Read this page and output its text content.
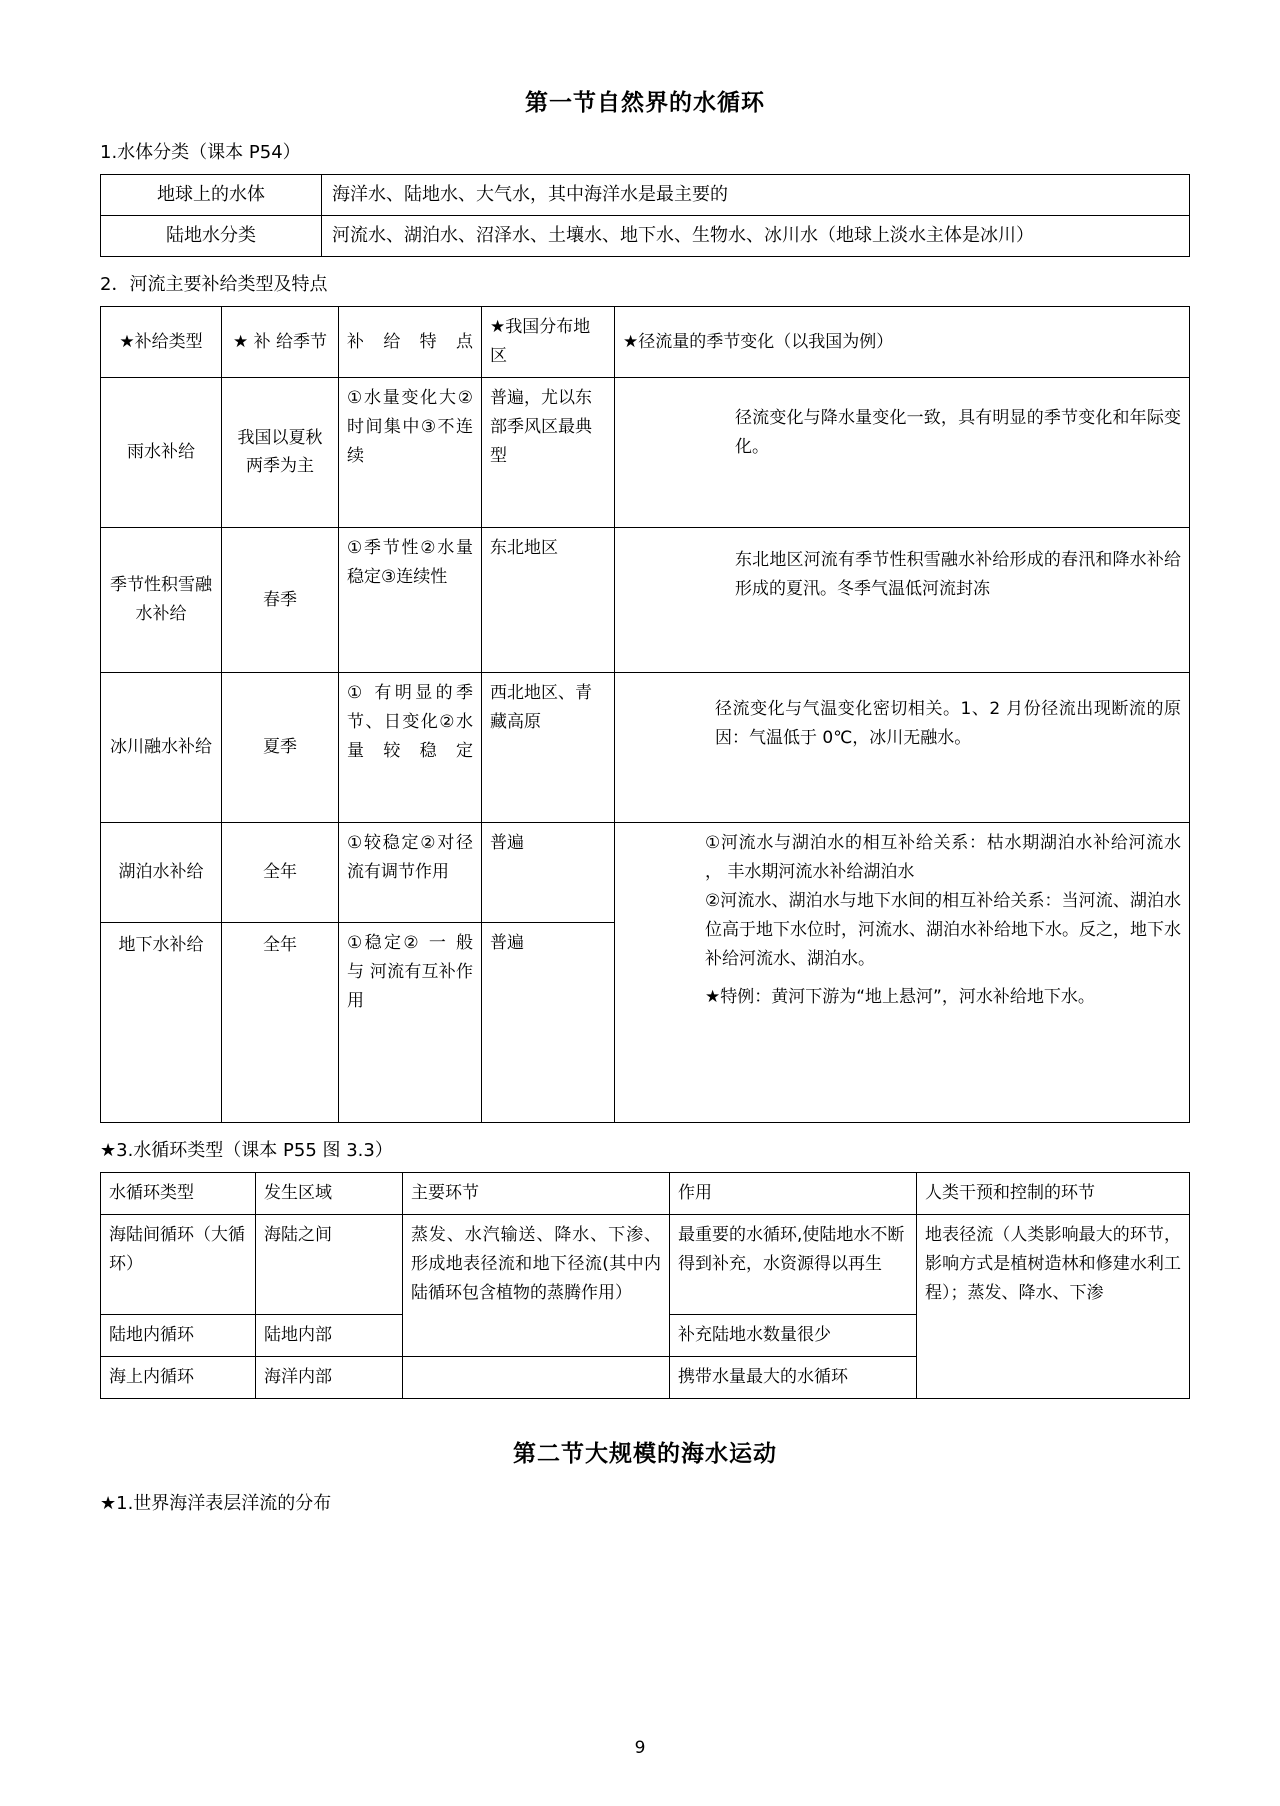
第一节自然界的水循环

1.水体分类（课本 P54）

地球上的水体	海洋水、陆地水、大气水，其中海洋水是最主要的
陆地水分类	河流水、湖泊水、沼泽水、土壤水、地下水、生物水、冰川水（地球上淡水主体是冰川）

2．河流主要补给类型及特点

★补给类型	★ 补 给季节	补给特点	★我国分布地区	★径流量的季节变化（以我国为例）
雨水补给	我国以夏秋两季为主	①水量变化大②时间集中③不连续	普遍，尤以东部季风区最典型	径流变化与降水量变化一致，具有明显的季节变化和年际变化。
季节性积雪融水补给	春季	①季节性②水量稳定③连续性	东北地区	东北地区河流有季节性积雪融水补给形成的春汛和降水补给形成的夏汛。冬季气温低河流封冻
冰川融水补给	夏季	① 有明显的季节、日变化②水量较稳定	西北地区、青藏高原	径流变化与气温变化密切相关。1、2 月份径流出现断流的原因：气温低于 0℃，冰川无融水。
湖泊水补给	全年	①较稳定②对径流有调节作用	普遍	①河流水与湖泊水的相互补给关系：枯水期湖泊水补给河流水 ， 丰水期河流水补给湖泊水
②河流水、湖泊水与地下水间的相互补给关系：当河流、湖泊水位高于地下水位时，河流水、湖泊水补给地下水。反之，地下水补给河流水、湖泊水。
★特例：黄河下游为“地上悬河”，河水补给地下水。

地下水补给	全年	①稳定② 一 般 与 河流有互补作用	普遍	

★3.水循环类型（课本 P55 图 3.3）

水循环类型	发生区域	主要环节	作用	人类干预和控制的环节
海陆间循环（大循环）	海陆之间	蒸发、水汽输送、降水、下渗、形成地表径流和地下径流(其中内陆循环包含植物的蒸腾作用）	最重要的水循环,使陆地水不断得到补充，水资源得以再生	地表径流（人类影响最大的环节，影响方式是植树造林和修建水利工程）；蒸发、降水、下渗
陆地内循环	陆地内部		补充陆地水数量很少	
海上内循环	海洋内部		携带水量最大的水循环	
第二节大规模的海水运动

★1.世界海洋表层洋流的分布

9
